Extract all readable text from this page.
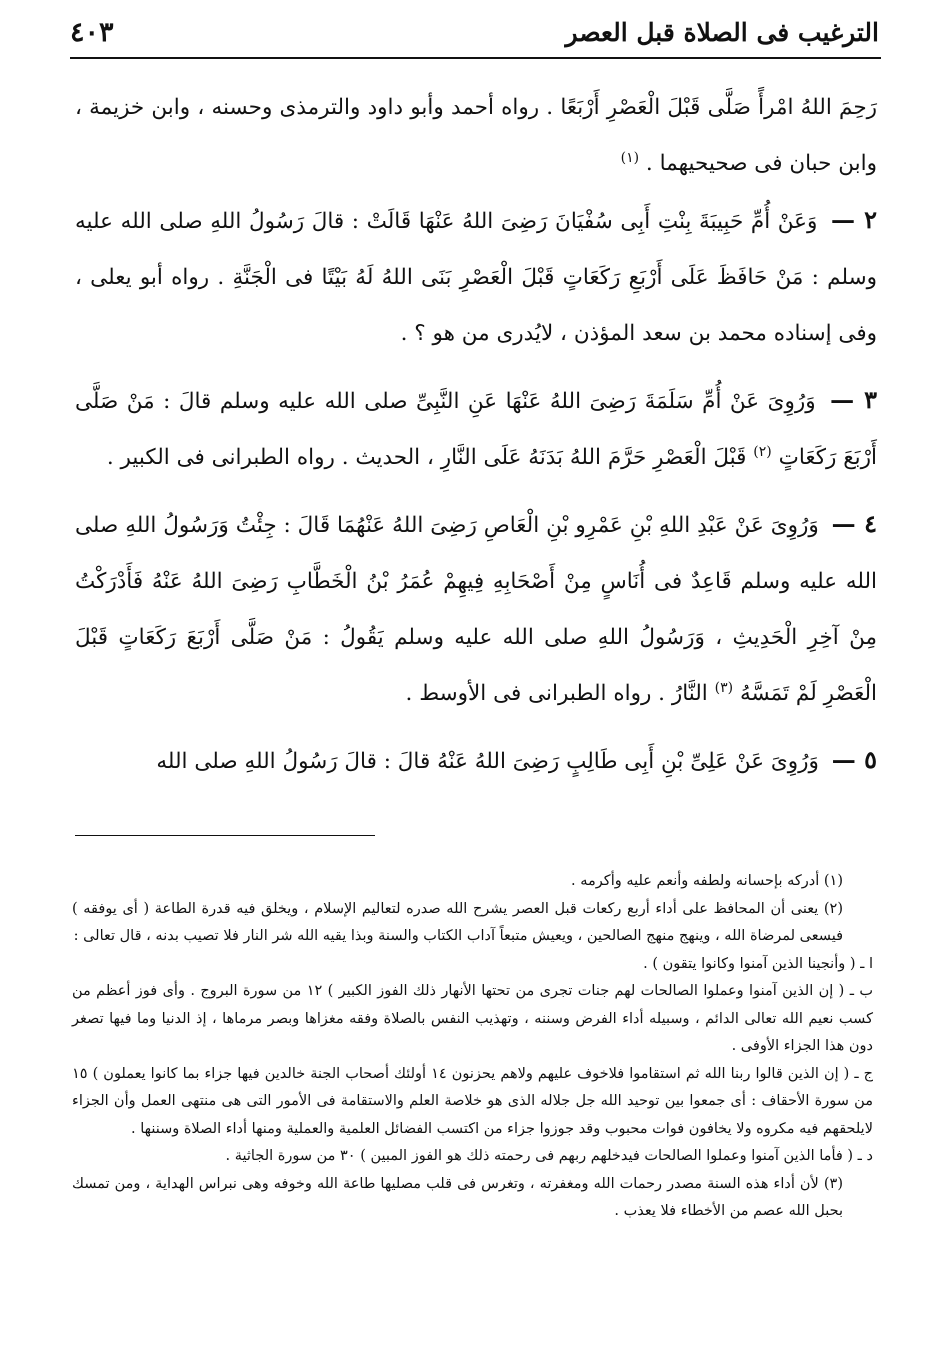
الترغيب فى الصلاة قبل العصر
٤٠٣

رَحِمَ اللهُ امْرأً صَلَّى قَبْلَ الْعَصْرِ أَرْبَعًا . رواه أحمد وأبو داود والترمذى وحسنه ، وابن خزيمة ، وابن حبان فى صحيحيهما . $^{(١)}$

٢ — وَعَنْ أُمِّ حَبِيبَةَ بِنْتِ أَبِى سُفْيَانَ رَضِىَ اللهُ عَنْهَا قَالَتْ : قالَ رَسُولُ اللهِ صلى الله عليه وسلم : مَنْ حَافَظَ عَلَى أَرْبَعِ رَكَعَاتٍ قَبْلَ الْعَصْرِ بَنَى اللهُ لَهُ بَيْتًا فى الْجَنَّةِ . رواه أبو يعلى ، وفى إسناده محمد بن سعد المؤذن ، لايُدرى من هو ؟ .

٣ — وَرُوِىَ عَنْ أُمِّ سَلَمَةَ رَضِىَ اللهُ عَنْهَا عَنِ النَّبِىِّ صلى الله عليه وسلم قالَ : مَنْ صَلَّى أَرْبَعَ رَكَعَاتٍ $^{(٢)}$ قَبْلَ الْعَصْرِ حَرَّمَ اللهُ بَدَنَهُ عَلَى النَّارِ ، الحديث . رواه الطبرانى فى الكبير .

٤ — وَرُوِىَ عَنْ عَبْدِ اللهِ بْنِ عَمْرِو بْنِ الْعَاصِ رَضِىَ اللهُ عَنْهُمَا قَالَ : جِئْتُ وَرَسُولُ اللهِ صلى الله عليه وسلم قَاعِدٌ فى أُنَاسٍ مِنْ أَصْحَابِهِ فِيهِمْ عُمَرُ بْنُ الْخَطَّابِ رَضِىَ اللهُ عَنْهُ فَأَدْرَكْتُ مِنْ آخِرِ الْحَدِيثِ ، وَرَسُولُ اللهِ صلى الله عليه وسلم يَقُولُ : مَنْ صَلَّى أَرْبَعَ رَكَعَاتٍ قَبْلَ الْعَصْرِ لَمْ تَمَسَّهُ $^{(٣)}$ النَّارُ . رواه الطبرانى فى الأوسط .

٥ — وَرُوِىَ عَنْ عَلِىِّ بْنِ أَبِى طَالِبٍ رَضِىَ اللهُ عَنْهُ قالَ : قالَ رَسُولُ اللهِ صلى الله

(١) أدركه بإحسانه ولطفه وأنعم عليه وأكرمه .

(٢) يعنى أن المحافظ على أداء أربع ركعات قبل العصر يشرح الله صدره لتعاليم الإسلام ، ويخلق فيه قدرة الطاعة ( أى يوفقه ) فيسعى لمرضاة الله ، وينهج منهج الصالحين ، ويعيش متبعاً آداب الكتاب والسنة وبذا يقيه الله شر النار فلا تصيب بدنه ، قال تعالى :

ا ـ ( وأنجينا الذين آمنوا وكانوا يتقون ) .

ب ـ ( إن الذين آمنوا وعملوا الصالحات لهم جنات تجرى من تحتها الأنهار ذلك الفوز الكبير ) ١٢ من سورة البروج . وأى فوز أعظم من كسب نعيم الله تعالى الدائم ، وسبيله أداء الفرض وسننه ، وتهذيب النفس بالصلاة وفقه مغزاها وبصر مرماها ، إذ الدنيا وما فيها تصغر دون هذا الجزاء الأوفى .

ج ـ ( إن الذين قالوا ربنا الله ثم استقاموا فلاخوف عليهم ولاهم يحزنون ١٤ أولئك أصحاب الجنة خالدين فيها جزاء بما كانوا يعملون ) ١٥ من سورة الأحقاف : أى جمعوا بين توحيد الله جل جلاله الذى هو خلاصة العلم والاستقامة فى الأمور التى هى منتهى العمل وأن الجزاء لايلحقهم فيه مكروه ولا يخافون فوات محبوب وقد جوزوا جزاء من اكتسب الفضائل العلمية والعملية ومنها أداء الصلاة وسننها .

د ـ ( فأما الذين آمنوا وعملوا الصالحات فيدخلهم ربهم فى رحمته ذلك هو الفوز المبين ) ٣٠ من سورة الجاثية .

(٣) لأن أداء هذه السنة مصدر رحمات الله ومغفرته ، وتغرس فى قلب مصليها طاعة الله وخوفه وهى نبراس الهداية ، ومن تمسك بحبل الله عصم من الأخطاء فلا يعذب .
